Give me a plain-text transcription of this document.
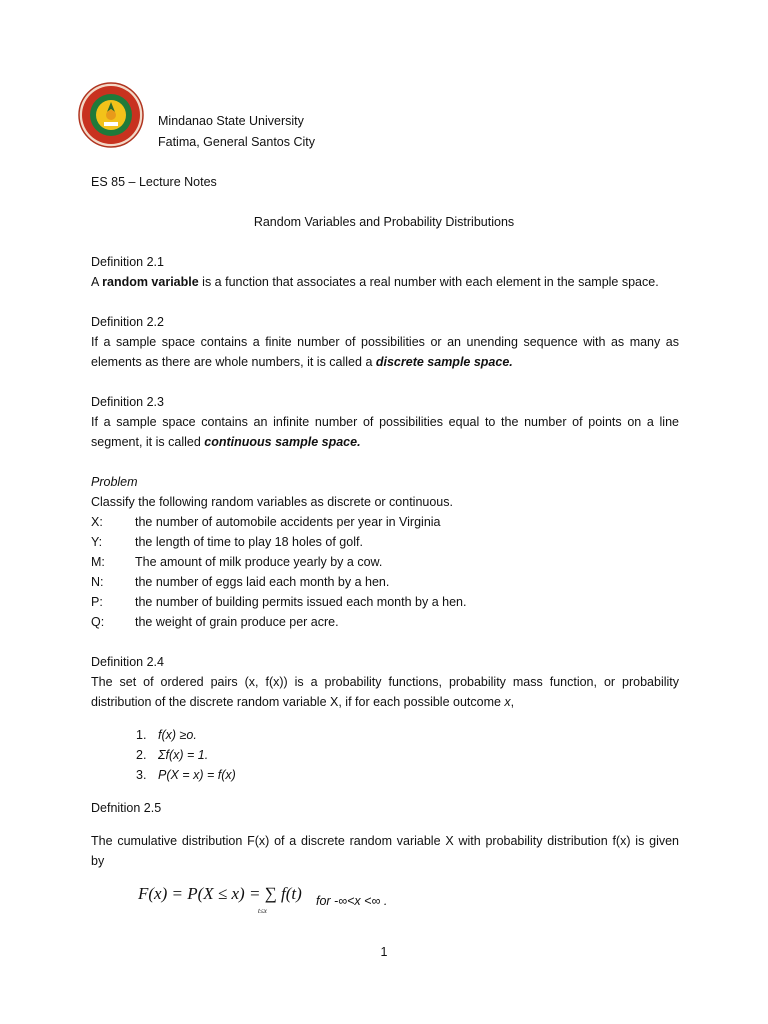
Mindanao State University
Fatima, General Santos City
ES 85 – Lecture Notes
Random Variables and Probability Distributions
Definition 2.1
A random variable is a function that associates a real number with each element in the sample space.
Definition 2.2
If a sample space contains a finite number of possibilities or an unending sequence with as many as
elements as there are whole numbers, it is called a discrete sample space.
Definition 2.3
If a sample space contains an infinite number of possibilities equal to the number of points on a line
segment, it is called continuous sample space.
Problem
Classify the following random variables as discrete or continuous.
X:	the number of automobile accidents per year in Virginia
Y:	the length of time to play 18 holes of golf.
M: The amount of milk produce yearly by a cow.
N:	the number of eggs laid each month by a hen.
P:	the number of building permits issued each month by a hen.
Q: the weight of grain produce per acre.
Definition 2.4
The set of ordered pairs (x, f(x)) is a probability functions, probability mass function, or probability
distribution of the discrete random variable X, if for each possible outcome x,
1. f(x) ≥o.
2. Σf(x) = 1.
3. P(X = x) = f(x)
Defnition 2.5
The cumulative distribution F(x) of a discrete random variable X with probability distribution f(x) is given
by
F(x) = P(X ≤ x) = ∑ f(t)
t≤x
for -∞<x <∞ .
1
